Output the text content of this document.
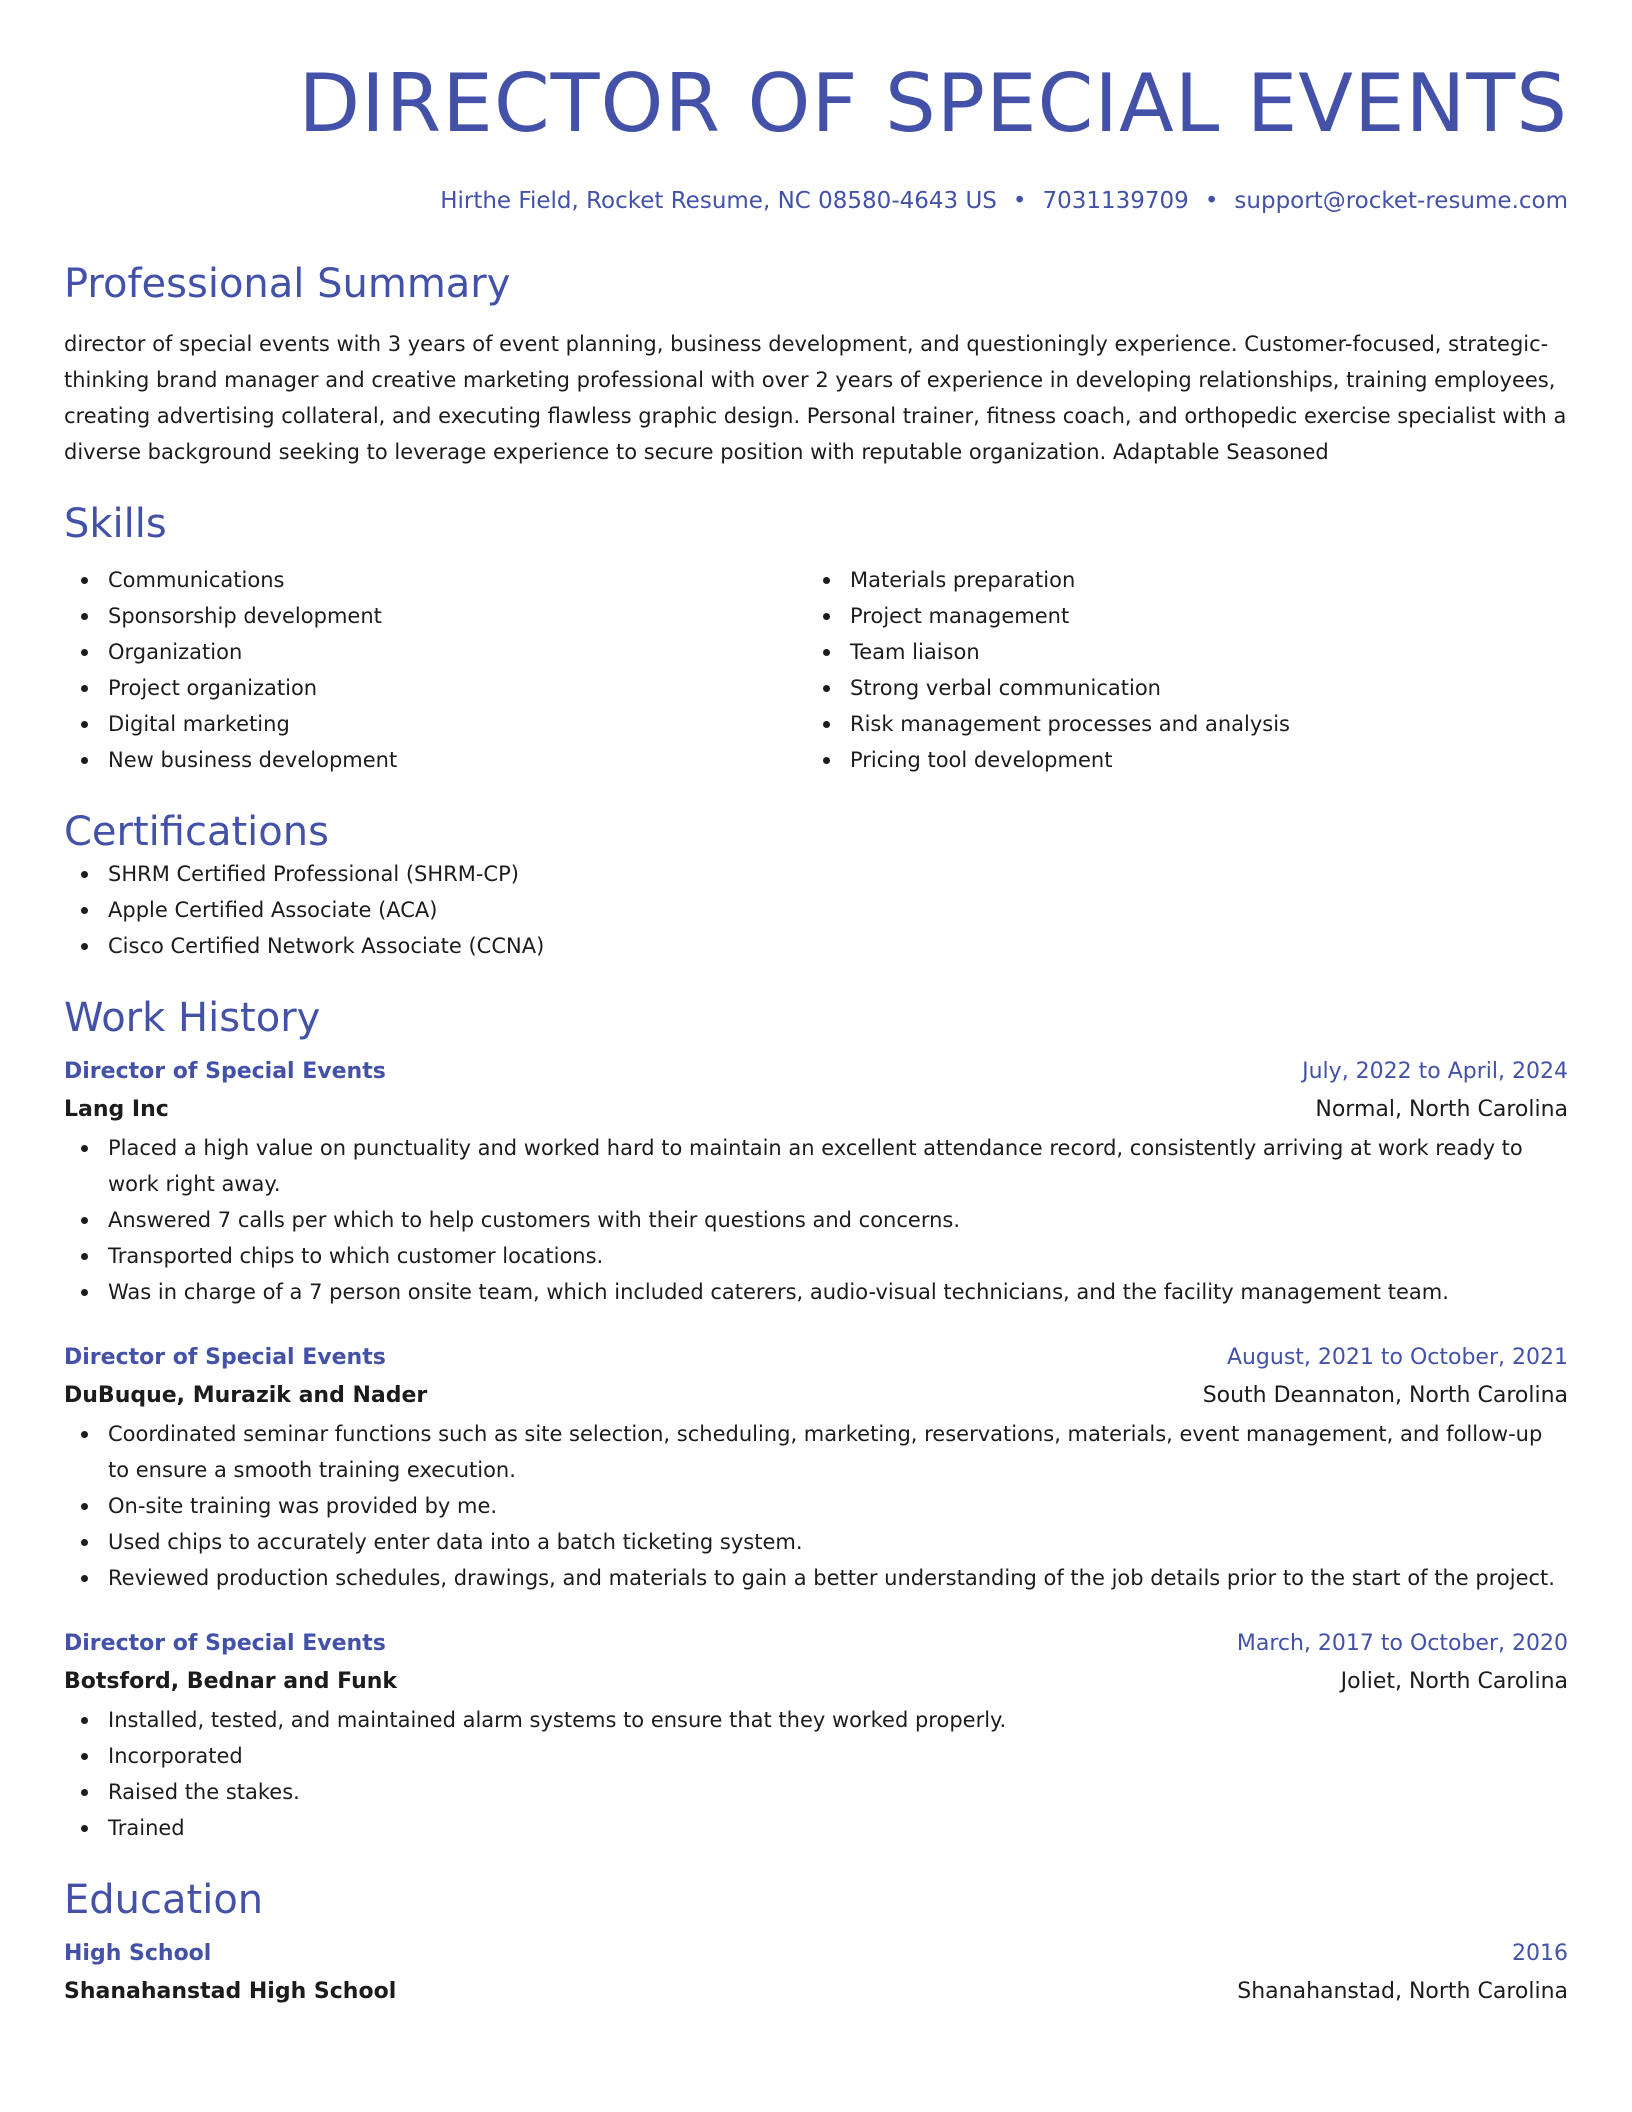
DIRECTOR OF SPECIAL EVENTS
Hirthe Field, Rocket Resume, NC 08580-4643 US • 7031139709 • support@rocket-resume.com
Professional Summary
director of special events with 3 years of event planning, business development, and questioningly experience. Customer-focused, strategic-thinking brand manager and creative marketing professional with over 2 years of experience in developing relationships, training employees, creating advertising collateral, and executing flawless graphic design. Personal trainer, fitness coach, and orthopedic exercise specialist with a diverse background seeking to leverage experience to secure position with reputable organization. Adaptable Seasoned
Skills
Communications
Sponsorship development
Organization
Project organization
Digital marketing
New business development
Materials preparation
Project management
Team liaison
Strong verbal communication
Risk management processes and analysis
Pricing tool development
Certifications
SHRM Certified Professional (SHRM-CP)
Apple Certified Associate (ACA)
Cisco Certified Network Associate (CCNA)
Work History
Director of Special Events	July, 2022 to April, 2024
Lang Inc	Normal, North Carolina
Placed a high value on punctuality and worked hard to maintain an excellent attendance record, consistently arriving at work ready to work right away.
Answered 7 calls per which to help customers with their questions and concerns.
Transported chips to which customer locations.
Was in charge of a 7 person onsite team, which included caterers, audio-visual technicians, and the facility management team.
Director of Special Events	August, 2021 to October, 2021
DuBuque, Murazik and Nader	South Deannaton, North Carolina
Coordinated seminar functions such as site selection, scheduling, marketing, reservations, materials, event management, and follow-up to ensure a smooth training execution.
On-site training was provided by me.
Used chips to accurately enter data into a batch ticketing system.
Reviewed production schedules, drawings, and materials to gain a better understanding of the job details prior to the start of the project.
Director of Special Events	March, 2017 to October, 2020
Botsford, Bednar and Funk	Joliet, North Carolina
Installed, tested, and maintained alarm systems to ensure that they worked properly.
Incorporated
Raised the stakes.
Trained
Education
High School	2016
Shanahanstad High School	Shanahanstad, North Carolina
